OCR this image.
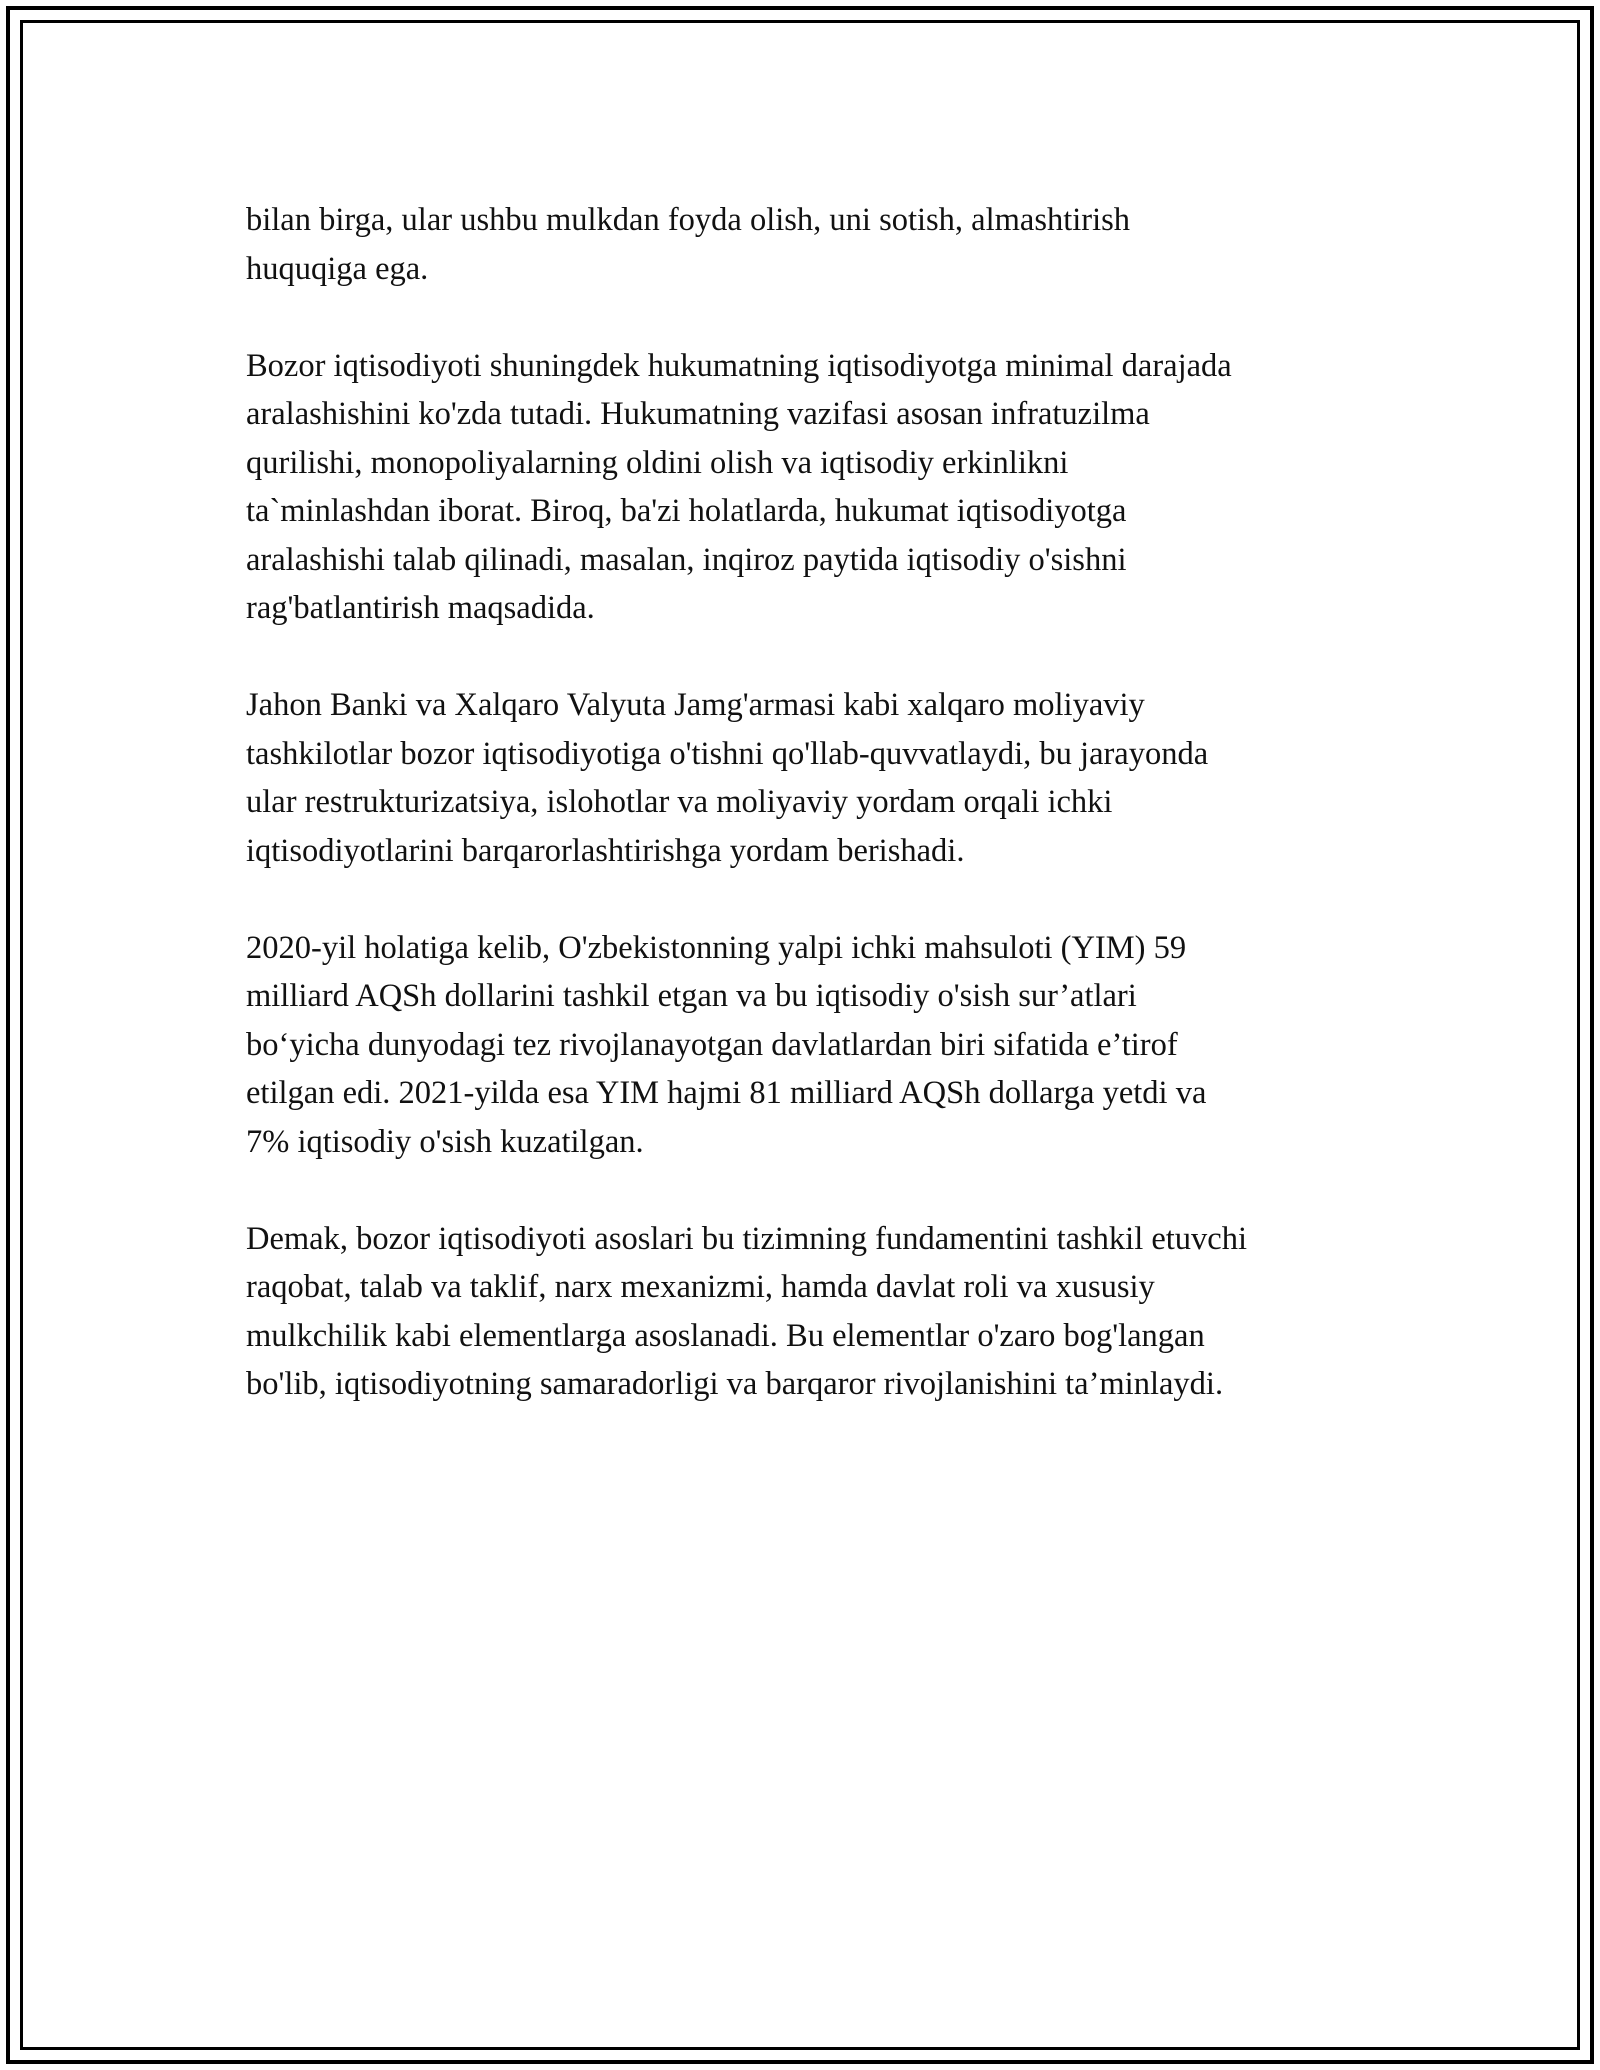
bilan birga, ular ushbu mulkdan foyda olish, uni sotish, almashtirish
huquqiga ega.

Bozor iqtisodiyoti shuningdek hukumatning iqtisodiyotga minimal darajada
aralashishini ko'zda tutadi. Hukumatning vazifasi asosan infratuzilma
qurilishi, monopoliyalarning oldini olish va iqtisodiy erkinlikni
ta`minlashdan iborat. Biroq, ba'zi holatlarda, hukumat iqtisodiyotga
aralashishi talab qilinadi, masalan, inqiroz paytida iqtisodiy o'sishni
rag'batlantirish maqsadida.

Jahon Banki va Xalqaro Valyuta Jamg'armasi kabi xalqaro moliyaviy
tashkilotlar bozor iqtisodiyotiga o'tishni qo'llab-quvvatlaydi, bu jarayonda
ular restrukturizatsiya, islohotlar va moliyaviy yordam orqali ichki
iqtisodiyotlarini barqarorlashtirishga yordam berishadi.

2020-yil holatiga kelib, O'zbekistonning yalpi ichki mahsuloti (YIM) 59
milliard AQSh dollarini tashkil etgan va bu iqtisodiy o'sish sur’atlari
bo‘yicha dunyodagi tez rivojlanayotgan davlatlardan biri sifatida e’tirof
etilgan edi. 2021-yilda esa YIM hajmi 81 milliard AQSh dollarga yetdi va
7% iqtisodiy o'sish kuzatilgan.

Demak, bozor iqtisodiyoti asoslari bu tizimning fundamentini tashkil etuvchi
raqobat, talab va taklif, narx mexanizmi, hamda davlat roli va xususiy
mulkchilik kabi elementlarga asoslanadi. Bu elementlar o'zaro bog'langan
bo'lib, iqtisodiyotning samaradorligi va barqaror rivojlanishini ta’minlaydi.
